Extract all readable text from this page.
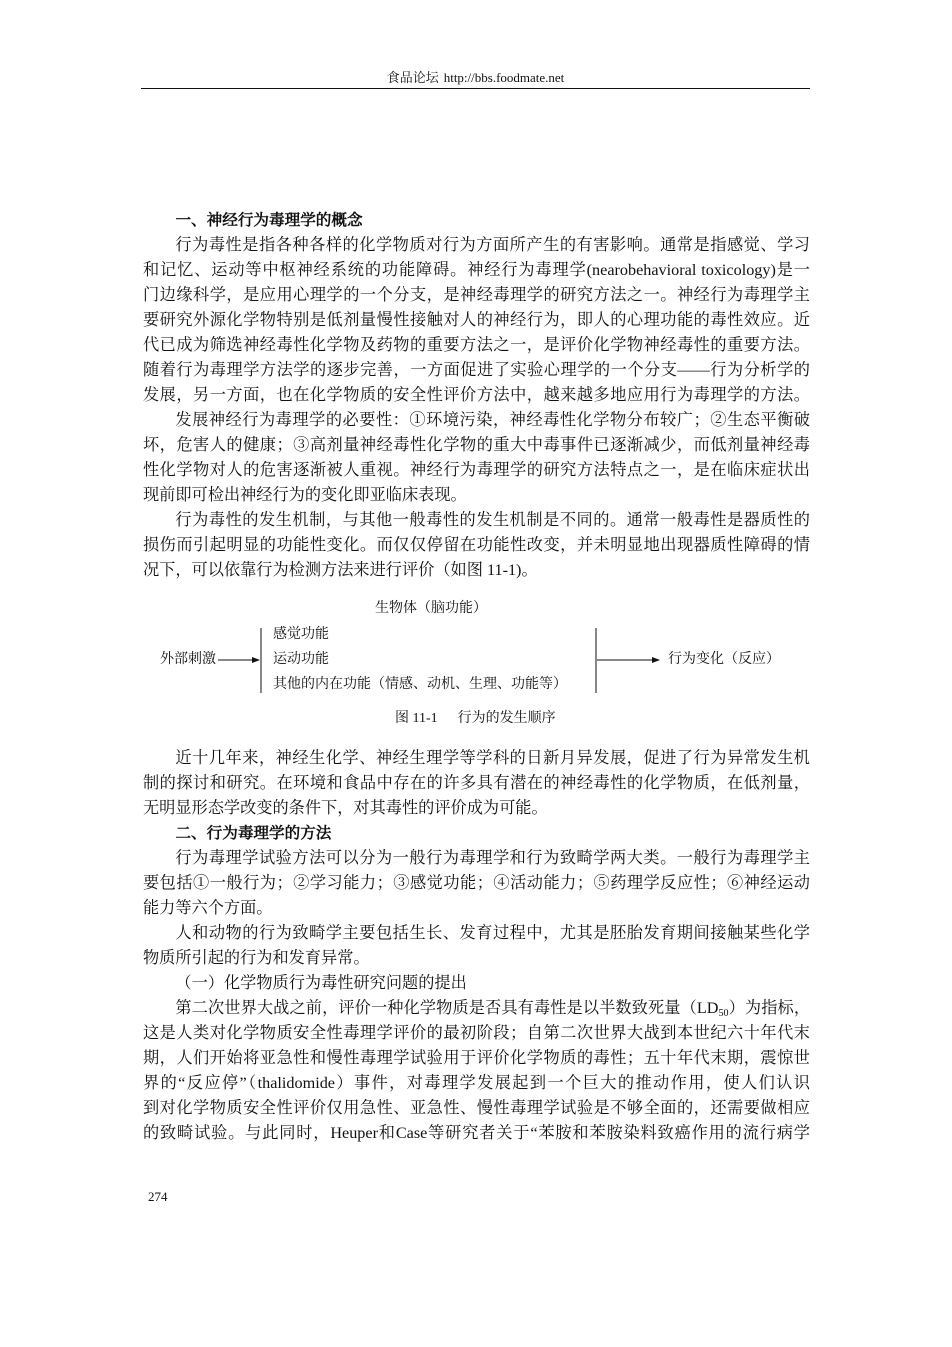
食品论坛 http://bbs.foodmate.net
一、神经行为毒理学的概念
行为毒性是指各种各样的化学物质对行为方面所产生的有害影响。通常是指感觉、学习
和记忆、运动等中枢神经系统的功能障碍。神经行为毒理学(nearobehavioral toxicology)是一
门边缘科学，是应用心理学的一个分支，是神经毒理学的研究方法之一。神经行为毒理学主
要研究外源化学物特别是低剂量慢性接触对人的神经行为，即人的心理功能的毒性效应。近
代已成为筛选神经毒性化学物及药物的重要方法之一，是评价化学物神经毒性的重要方法。
随着行为毒理学方法学的逐步完善，一方面促进了实验心理学的一个分支——行为分析学的
发展，另一方面，也在化学物质的安全性评价方法中，越来越多地应用行为毒理学的方法。
发展神经行为毒理学的必要性：①环境污染，神经毒性化学物分布较广；②生态平衡破
坏，危害人的健康；③高剂量神经毒性化学物的重大中毒事件已逐渐减少，而低剂量神经毒
性化学物对人的危害逐渐被人重视。神经行为毒理学的研究方法特点之一，是在临床症状出
现前即可检出神经行为的变化即亚临床表现。
行为毒性的发生机制，与其他一般毒性的发生机制是不同的。通常一般毒性是器质性的
损伤而引起明显的功能性变化。而仅仅停留在功能性改变，并未明显地出现器质性障碍的情
况下，可以依靠行为检测方法来进行评价（如图 11-1)。
生物体（脑功能）
外部刺激
感觉功能
运动功能
其他的内在功能（情感、动机、生理、功能等）
行为变化（反应）
图 11-1 行为的发生顺序
近十几年来，神经生化学、神经生理学等学科的日新月异发展，促进了行为异常发生机
制的探讨和研究。在环境和食品中存在的许多具有潜在的神经毒性的化学物质，在低剂量，
无明显形态学改变的条件下，对其毒性的评价成为可能。
二、行为毒理学的方法
行为毒理学试验方法可以分为一般行为毒理学和行为致畸学两大类。一般行为毒理学主
要包括①一般行为；②学习能力；③感觉功能；④活动能力；⑤药理学反应性；⑥神经运动
能力等六个方面。
人和动物的行为致畸学主要包括生长、发育过程中，尤其是胚胎发育期间接触某些化学
物质所引起的行为和发育异常。
（一）化学物质行为毒性研究问题的提出
第二次世界大战之前，评价一种化学物质是否具有毒性是以半数致死量$(LD_{50})$为指标，
这是人类对化学物质安全性毒理学评价的最初阶段；自第二次世界大战到本世纪六十年代末
期，人们开始将亚急性和慢性毒理学试验用于评价化学物质的毒性；五十年代末期，震惊世
界的“反应停”（thalidomide）事件，对毒理学发展起到一个巨大的推动作用，使人们认识
到对化学物质安全性评价仅用急性、亚急性、慢性毒理学试验是不够全面的，还需要做相应
的致畸试验。与此同时，Heuper和Case等研究者关于“苯胺和苯胺染料致癌作用的流行病学
274
